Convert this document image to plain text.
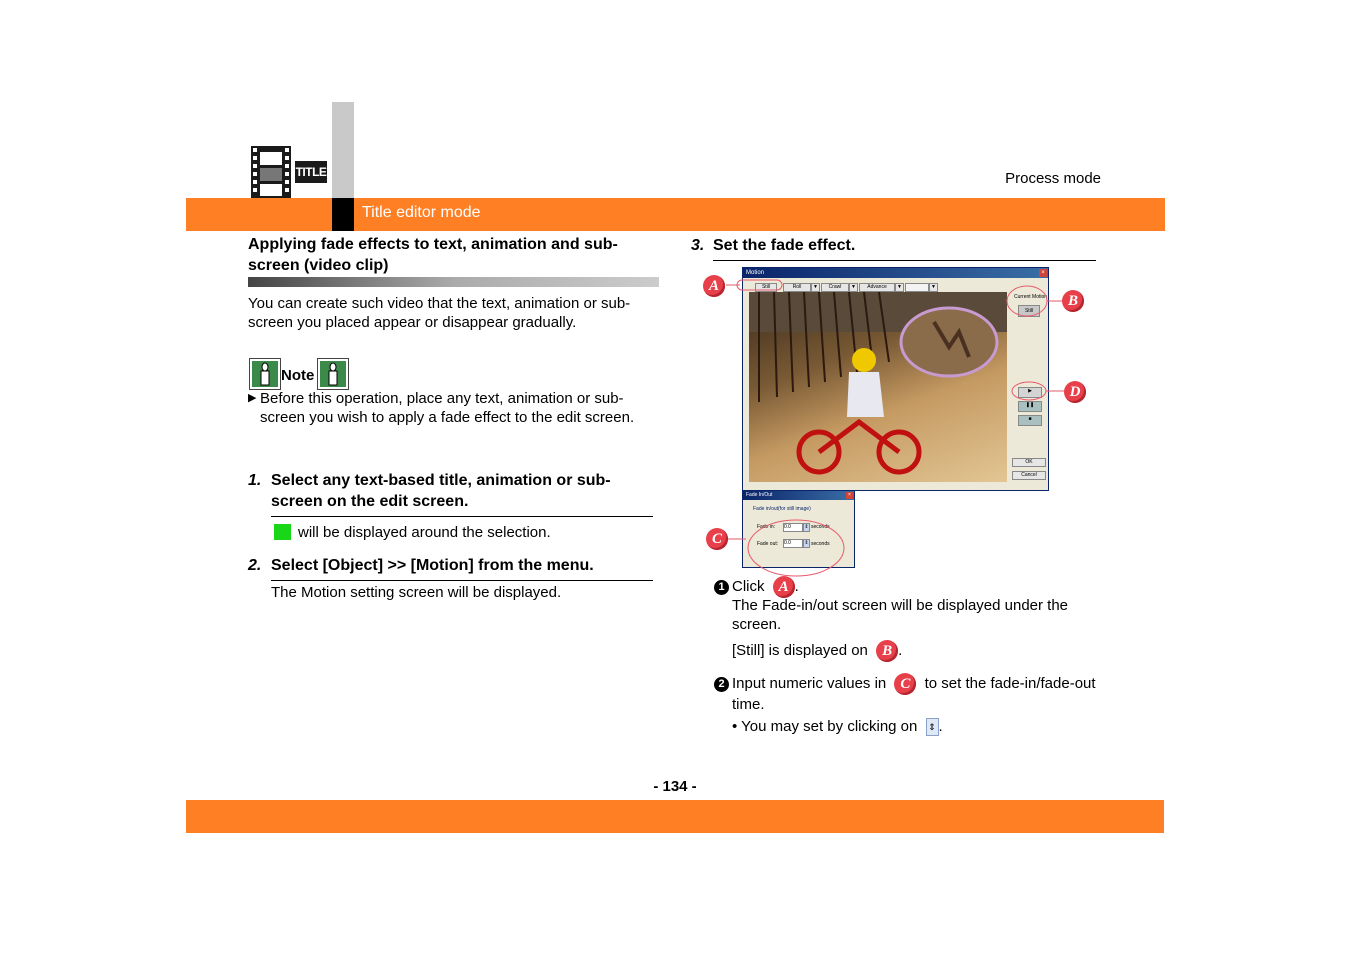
TITLE	Process mode
Title editor mode
Applying fade effects to text, animation and sub-screen (video clip)
You can create such video that the text, animation or sub-screen you placed appear or disappear gradually.
Note
▶ Before this operation, place any text, animation or sub-screen you wish to apply a fade effect to the edit screen.
1. Select any text-based title, animation or sub-screen on the edit screen.
will be displayed around the selection.
2. Select [Object] >> [Motion] from the menu.
The Motion setting screen will be displayed.
3. Set the fade effect.
Motion	×
Still	Roll	▼	Crawl	▼	Advance	▼	▼
Current Motion
Still
▶
❚❚
■
OK
Cancel
Fade In/Out	×
Fade in/out(for still image)
Fade in: 0.0	⇕ seconds
Fade out: 0.0	⇕ seconds
A
B
D
C
1 Click A .
The Fade-in/out screen will be displayed under the screen.
[Still] is displayed on B .
2 Input numeric values in C to set the fade-in/fade-out time.
• You may set by clicking on ⇕ .
- 134 -
